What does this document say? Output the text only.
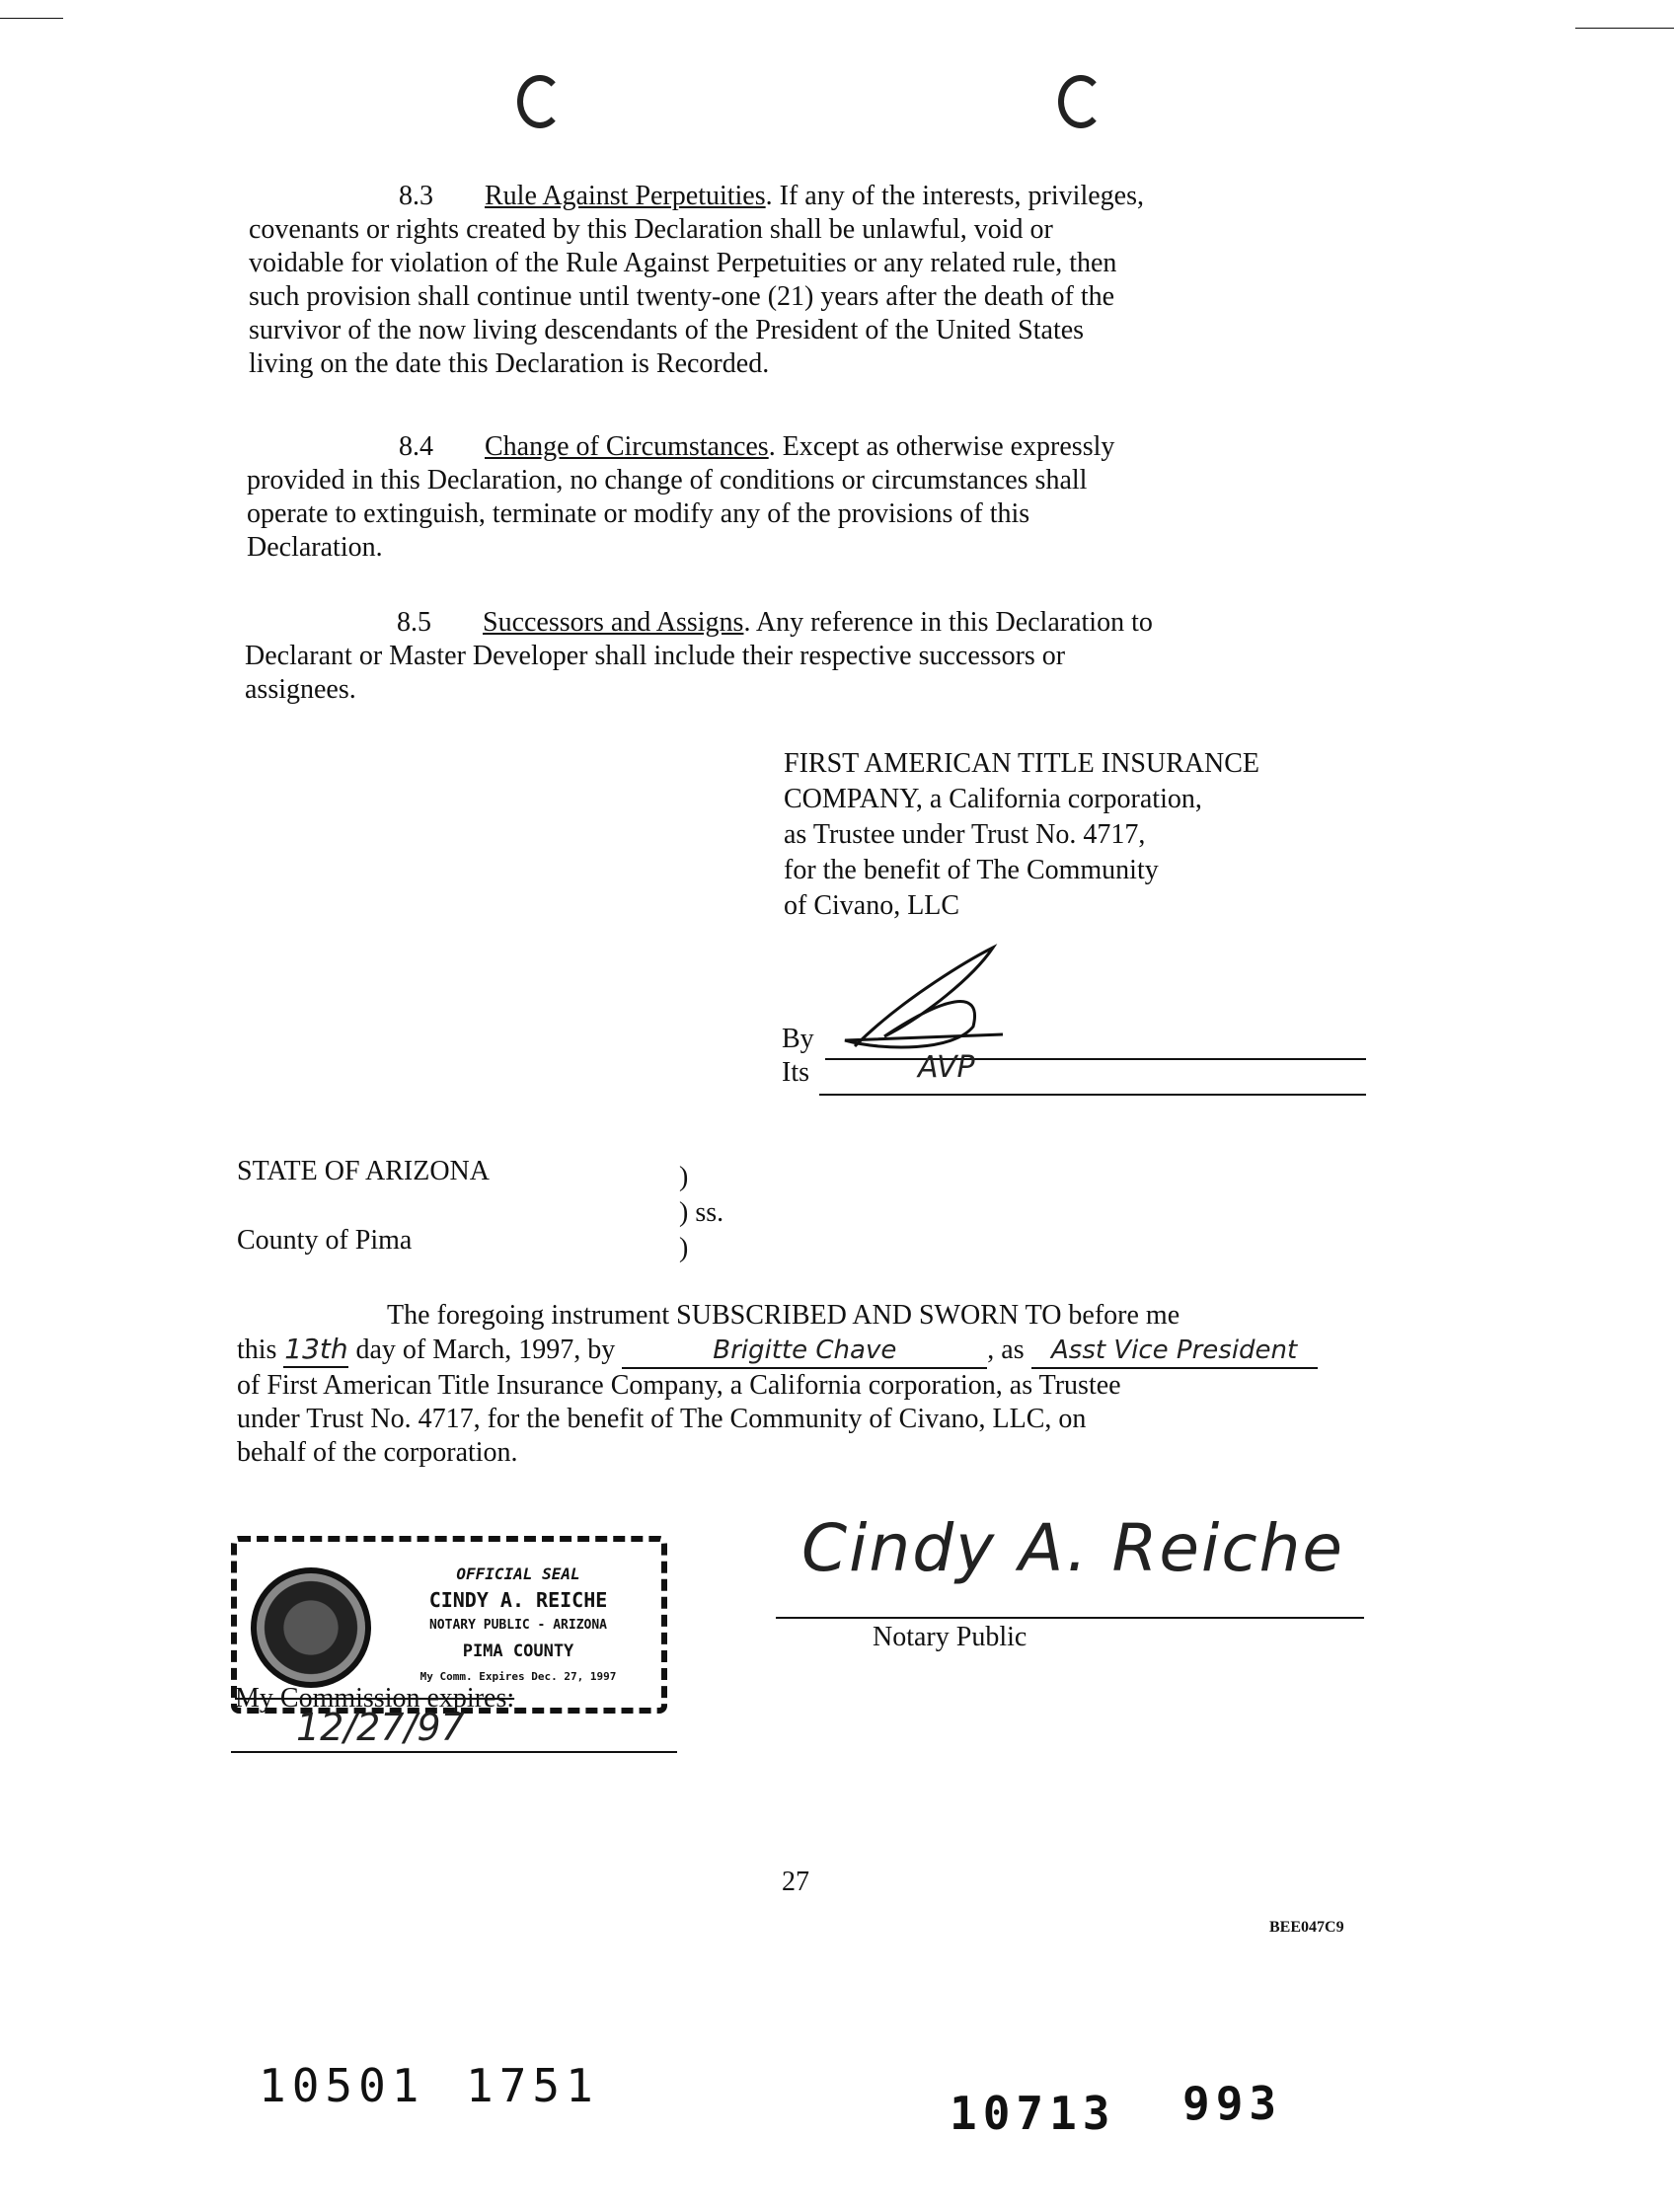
8.3 Rule Against Perpetuities. If any of the interests, privileges,
covenants or rights created by this Declaration shall be unlawful, void or
voidable for violation of the Rule Against Perpetuities or any related rule, then
such provision shall continue until twenty-one (21) years after the death of the
survivor of the now living descendants of the President of the United States
living on the date this Declaration is Recorded.
8.4 Change of Circumstances. Except as otherwise expressly
provided in this Declaration, no change of conditions or circumstances shall
operate to extinguish, terminate or modify any of the provisions of this
Declaration.
8.5 Successors and Assigns. Any reference in this Declaration to
Declarant or Master Developer shall include their respective successors or
assignees.
FIRST AMERICAN TITLE INSURANCE
COMPANY, a California corporation,
as Trustee under Trust No. 4717,
for the benefit of The Community
of Civano, LLC
By
Its	AVP
STATE OF ARIZONA
County of Pima
)
) ss.
)
The foregoing instrument SUBSCRIBED AND SWORN TO before me
this 13th day of March, 1997, by	Brigitte Chave	, as Asst Vice President
of First American Title Insurance Company, a California corporation, as Trustee
under Trust No. 4717, for the benefit of The Community of Civano, LLC, on
behalf of the corporation.
Cindy A. Reiche
Notary Public
OFFICIAL SEAL
CINDY A. REICHE
NOTARY PUBLIC - ARIZONA
PIMA COUNTY
My Comm. Expires Dec. 27, 1997
My Commission expires:
12/27/97
27
BEE047C9
10501 1751
10713 993
